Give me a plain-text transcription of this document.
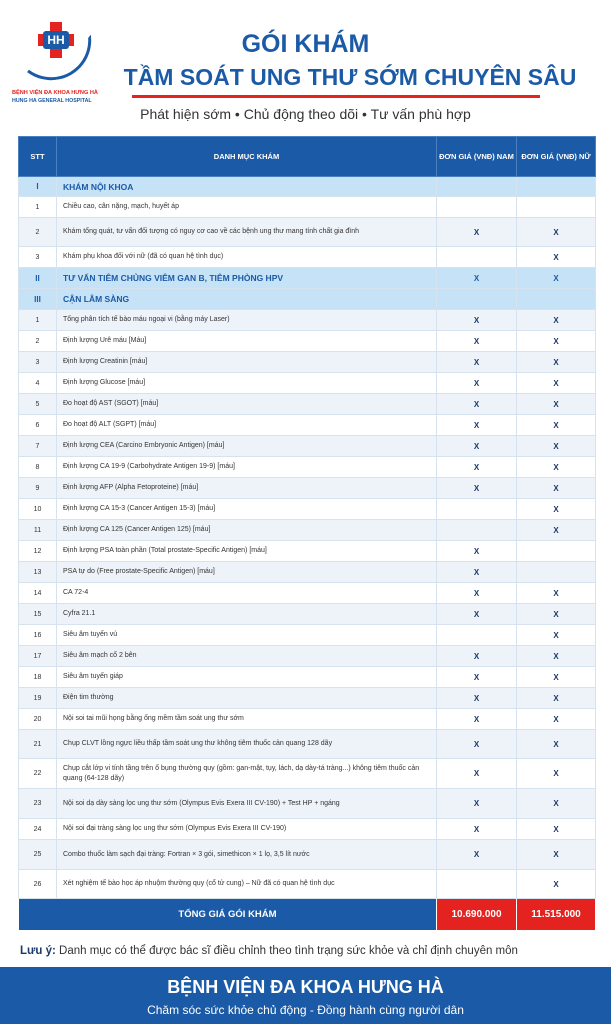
HH
BỆNH VIỆN ĐA KHOA HƯNG HÀ
HUNG HA GENERAL HOSPITAL
GÓI KHÁM
TẦM SOÁT UNG THƯ SỚM CHUYÊN SÂU
Phát hiện sớm • Chủ động theo dõi • Tư vấn phù hợp
STT	DANH MỤC KHÁM	ĐƠN GIÁ (VNĐ) NAM	ĐƠN GIÁ (VNĐ) NỮ
I	KHÁM NỘI KHOA		
1	Chiều cao, cân nặng, mạch, huyết áp		
2	Khám tổng quát, tư vấn đối tượng có nguy cơ cao về các bệnh ung thư mang tính chất gia đình	X	X
3	Khám phụ khoa đối với nữ (đã có quan hệ tình dục)		X
II	TƯ VẤN TIÊM CHỦNG VIÊM GAN B, TIÊM PHÒNG HPV	X	X
III	CẬN LÂM SÀNG		
1	Tổng phân tích tế bào máu ngoại vi (bằng máy Laser)	X	X
2	Định lượng Urê máu [Máu]	X	X
3	Định lượng Creatinin [máu]	X	X
4	Định lượng Glucose [máu]	X	X
5	Đo hoạt độ AST (SGOT) [máu]	X	X
6	Đo hoạt độ ALT (SGPT) [máu]	X	X
7	Định lượng CEA (Carcino Embryonic Antigen) [máu]	X	X
8	Định lượng CA 19-9 (Carbohydrate Antigen 19-9) [máu]	X	X
9	Định lượng AFP (Alpha Fetoproteine) [máu]	X	X
10	Định lượng CA 15-3 (Cancer Antigen 15-3) [máu]		X
11	Định lượng CA 125 (Cancer Antigen 125) [máu]		X
12	Định lượng PSA toàn phần (Total prostate-Specific Antigen) [máu]	X	
13	PSA tự do (Free prostate-Specific Antigen) [máu]	X	
14	CA 72-4	X	X
15	Cyfra 21.1	X	X
16	Siêu âm tuyến vú		X
17	Siêu âm mạch cổ 2 bên	X	X
18	Siêu âm tuyến giáp	X	X
19	Điện tim thường	X	X
20	Nội soi tai mũi họng bằng ống mềm tầm soát ung thư sớm	X	X
21	Chụp CLVT lồng ngực liều thấp tầm soát ung thư không tiêm thuốc cản quang 128 dãy	X	X
22	Chụp cắt lớp vi tính tầng trên ổ bụng thường quy (gồm: gan-mật, tụy, lách, dạ dày-tá tràng...) không tiêm thuốc cản quang (64-128 dãy)	X	X
23	Nội soi dạ dày sàng lọc ung thư sớm (Olympus Evis Exera III CV-190) + Test HP + ngáng	X	X
24	Nội soi đại tràng sàng lọc ung thư sớm (Olympus Evis Exera III CV-190)	X	X
25	Combo thuốc làm sạch đại tràng: Fortran × 3 gói, simethicon × 1 lọ, 3,5 lít nước	X	X
26	Xét nghiệm tế bào học áp nhuộm thường quy (cổ tử cung) – Nữ đã có quan hệ tình dục		X
TỔNG GIÁ GÓI KHÁM		10.690.000	11.515.000
Lưu ý: Danh mục có thể được bác sĩ điều chỉnh theo tình trạng sức khỏe và chỉ định chuyên môn
BỆNH VIỆN ĐA KHOA HƯNG HÀ
Chăm sóc sức khỏe chủ động - Đồng hành cùng người dân
